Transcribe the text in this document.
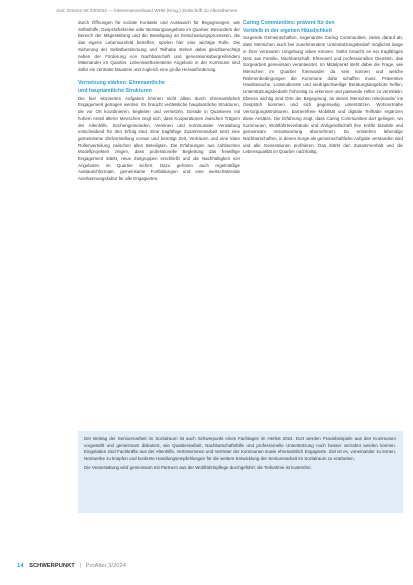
Aus: Grenze 06 03/2024 — Interessenverband WHB (Hrsg.) Zeitschrift zu Altersthemen

durch Öffnungen für soziale Kontakte und Austausch für Begegnungen, wie Selbsthilfe, Gesprächskreise oder Beratungsangebote im Quartier. Besonders der Bereich der Mitgestaltung und die Beteiligung an Entscheidungsprozessen, die das eigene Lebensumfeld betreffen, spielen hier eine wichtige Rolle. Die Sicherung der Selbstbestimmung und Teilhabe stehen dabei gleichberechtigt neben der Förderung von Nachbarschaft und generationsübergreifendem Miteinander im Quartier. Lebensweltorientierte Angebote in der Kommune sind dafür ein zentraler Baustein und zugleich eine große Herausforderung.

Vernetzung stärken: Ehrenamtliche
und hauptamtliche Strukturen

Die hier skizzierten Aufgaben können nicht allein durch ehrenamtliches Engagement getragen werden. Es braucht verlässliche hauptamtliche Strukturen, die vor Ort koordinieren, begleiten und vernetzen. Gerade in Quartieren mit hohem Anteil älterer Menschen zeigt sich, dass Kooperationen zwischen Trägern der Altenhilfe, Kirchengemeinden, Vereinen und kommunaler Verwaltung entscheidend für den Erfolg sind. Eine tragfähige Zusammenarbeit setzt eine gemeinsame Zielvorstellung voraus und benötigt Zeit, Vertrauen und eine klare Rollenverteilung zwischen allen Beteiligten. Die Erfahrungen aus zahlreichen Modellprojekten zeigen, dass professionelle Begleitung das freiwillige Engagement stärkt, neue Zielgruppen erschließt und die Nachhaltigkeit von Angeboten im Quartier sichert. Dazu gehören auch regelmäßige Austauschformate, gemeinsame Fortbildungen und eine wertschätzende Anerkennungskultur für alle Engagierten.

Caring Communities: prävent für den
Verbleib in der eigenen Häuslichkeit

Sorgende Gemeinschaften, sogenannte Caring Communities, zielen darauf ab, dass Menschen auch bei zunehmendem Unterstützungsbedarf möglichst lange in ihrer vertrauten Umgebung leben können. Dafür braucht es ein tragfähiges Netz aus Familie, Nachbarschaft, Ehrenamt und professionellen Diensten, das Sorgearbeit gemeinsam verantwortet. Im Mittelpunkt steht dabei die Frage, wie Menschen im Quartier füreinander da sein können und welche Rahmenbedingungen die Kommune dafür schaffen muss. Präventive Hausbesuche, Lotsendienste und niedrigschwellige Beratungsangebote helfen, Unterstützungsbedarfe frühzeitig zu erkennen und passende Hilfen zu vermitteln. Ebenso wichtig sind Orte der Begegnung, an denen Menschen miteinander ins Gespräch kommen und sich gegenseitig unterstützen. Wohnortnahe Versorgungsstrukturen, barrierefreie Mobilität und digitale Teilhabe ergänzen diese Ansätze. Die Erfahrung zeigt, dass Caring Communities dort gelingen, wo Kommunen, Wohlfahrtsverbände und Zivilgesellschaft ihre Kräfte bündeln und gemeinsam Verantwortung übernehmen. So entstehen lebendige Nachbarschaften, in denen Sorge als gemeinschaftliche Aufgabe verstanden wird und alle Generationen profitieren. Das stärkt den Zusammenhalt und die Lebensqualität im Quartier nachhaltig.

Der Beitrag der Seniorenarbeit im Sozialraum ist auch Schwerpunkt eines Fachtages im Herbst 2024. Dort werden Praxisbeispiele aus den Kommunen vorgestellt und gemeinsam diskutiert, wie Quartiersarbeit, Nachbarschaftshilfe und professionelle Unterstützung noch besser verzahnt werden können. Eingeladen sind Fachkräfte aus der Altenhilfe, Vertreterinnen und Vertreter der Kommunen sowie ehrenamtlich Engagierte. Ziel ist es, voneinander zu lernen, Netzwerke zu knüpfen und konkrete Handlungsempfehlungen für die weitere Entwicklung der Seniorenarbeit im Sozialraum zu erarbeiten.

Die Veranstaltung wird gemeinsam mit Partnern aus der Wohlfahrtspflege durchgeführt; die Teilnahme ist kostenfrei.

14 SCHWERPUNKT | ProAlter 3/2024
